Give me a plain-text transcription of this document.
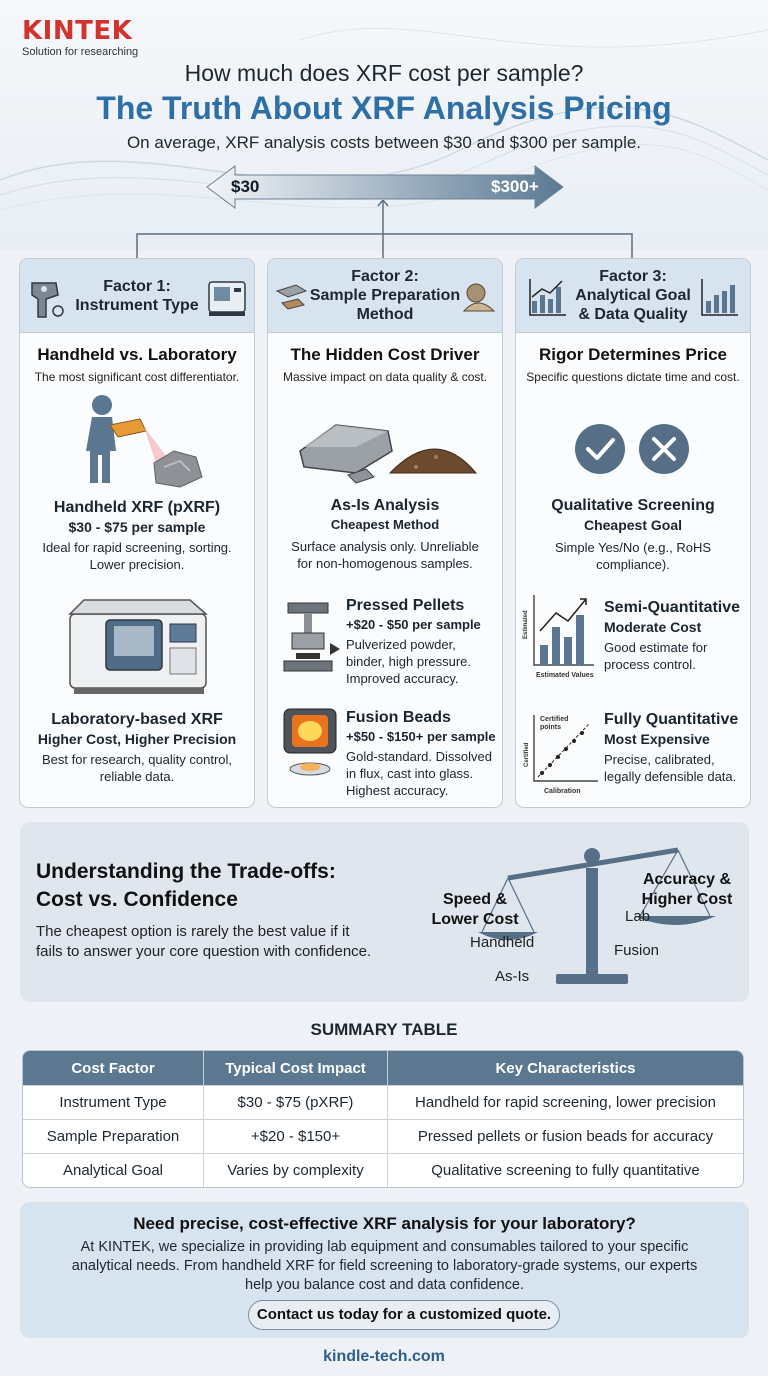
KINTEK
Solution for researching
How much does XRF cost per sample?
The Truth About XRF Analysis Pricing
On average, XRF analysis costs between $30 and $300 per sample.
$30	$300+
Factor 1:
Instrument Type
Handheld vs. Laboratory
The most significant cost differentiator.
Handheld XRF (pXRF)
$30 - $75 per sample
Ideal for rapid screening, sorting.
Lower precision.
Laboratory-based XRF
Higher Cost, Higher Precision
Best for research, quality control,
reliable data.
Factor 2:
Sample Preparation
Method
The Hidden Cost Driver
Massive impact on data quality & cost.
As-Is Analysis
Cheapest Method
Surface analysis only. Unreliable
for non-homogenous samples.
Pressed Pellets
+$20 - $50 per sample
Pulverized powder,
binder, high pressure.
Improved accuracy.
Fusion Beads
+$50 - $150+ per sample
Gold-standard. Dissolved
in flux, cast into glass.
Highest accuracy.
Factor 3:
Analytical Goal
& Data Quality
Rigor Determines Price
Specific questions dictate time and cost.
Qualitative Screening
Cheapest Goal
Simple Yes/No (e.g., RoHS
compliance).
Estimated
Estimated Values
Semi-Quantitative
Moderate Cost
Good estimate for
process control.
Certified points
Certified
Calibration
Fully Quantitative
Most Expensive
Precise, calibrated,
legally defensible data.
Understanding the Trade-offs:
Cost vs. Confidence
The cheapest option is rarely the best value if it
fails to answer your core question with confidence.
Speed &
Lower Cost
Accuracy &
Higher Cost
Handheld
As-Is
Lab
Fusion
SUMMARY TABLE
Cost Factor	Typical Cost Impact	Key Characteristics
Instrument Type	$30 - $75 (pXRF)	Handheld for rapid screening, lower precision
Sample Preparation	+$20 - $150+	Pressed pellets or fusion beads for accuracy
Analytical Goal	Varies by complexity	Qualitative screening to fully quantitative
Need precise, cost-effective XRF analysis for your laboratory?
At KINTEK, we specialize in providing lab equipment and consumables tailored to your specific
analytical needs. From handheld XRF for field screening to laboratory-grade systems, our experts
help you balance cost and data confidence.
Contact us today for a customized quote.
kindle-tech.com
